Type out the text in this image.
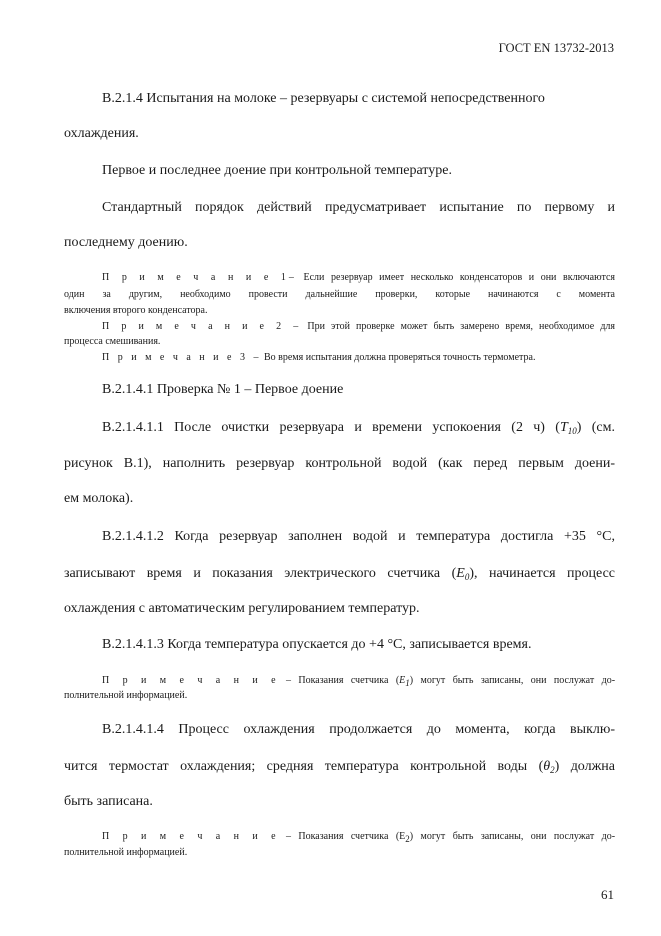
ГОСТ EN 13732-2013
В.2.1.4 Испытания на молоке – резервуары с системой непосредственного
охлаждения.
Первое и последнее доение при контрольной температуре.
Стандартный порядок действий предусматривает испытание по первому и
последнему доению.
П р и м е ч а н и е 1– Если резервуар имеет несколько конденсаторов и они включаются
один за другим, необходимо провести дальнейшие проверки, которые начинаются с момента
включения второго конденсатора.
П р и м е ч а н и е 2 – При этой проверке может быть замерено время, необходимое для
процесса смешивания.
П р и м е ч а н и е 3 – Во время испытания должна проверяться точность термометра.
В.2.1.4.1 Проверка № 1 – Первое доение
В.2.1.4.1.1 После очистки резервуара и времени успокоения (2 ч) $(T_{10})$ (см.
рисунок В.1), наполнить резервуар контрольной водой (как перед первым доени-
ем молока).
В.2.1.4.1.2 Когда резервуар заполнен водой и температура достигла +35 °С,
записывают время и показания электрического счетчика $(E_0)$, начинается процесс
охлаждения с автоматическим регулированием температур.
В.2.1.4.1.3 Когда температура опускается до +4 °С, записывается время.
П р и м е ч а н и е – Показания счетчика $(E_1)$ могут быть записаны, они послужат до-
полнительной информацией.
В.2.1.4.1.4 Процесс охлаждения продолжается до момента, когда выклю-
чится термостат охлаждения; средняя температура контрольной воды $(\theta_2)$ должна
быть записана.
П р и м е ч а н и е – Показания счетчика $(E_2)$ могут быть записаны, они послужат до-
полнительной информацией.
61
